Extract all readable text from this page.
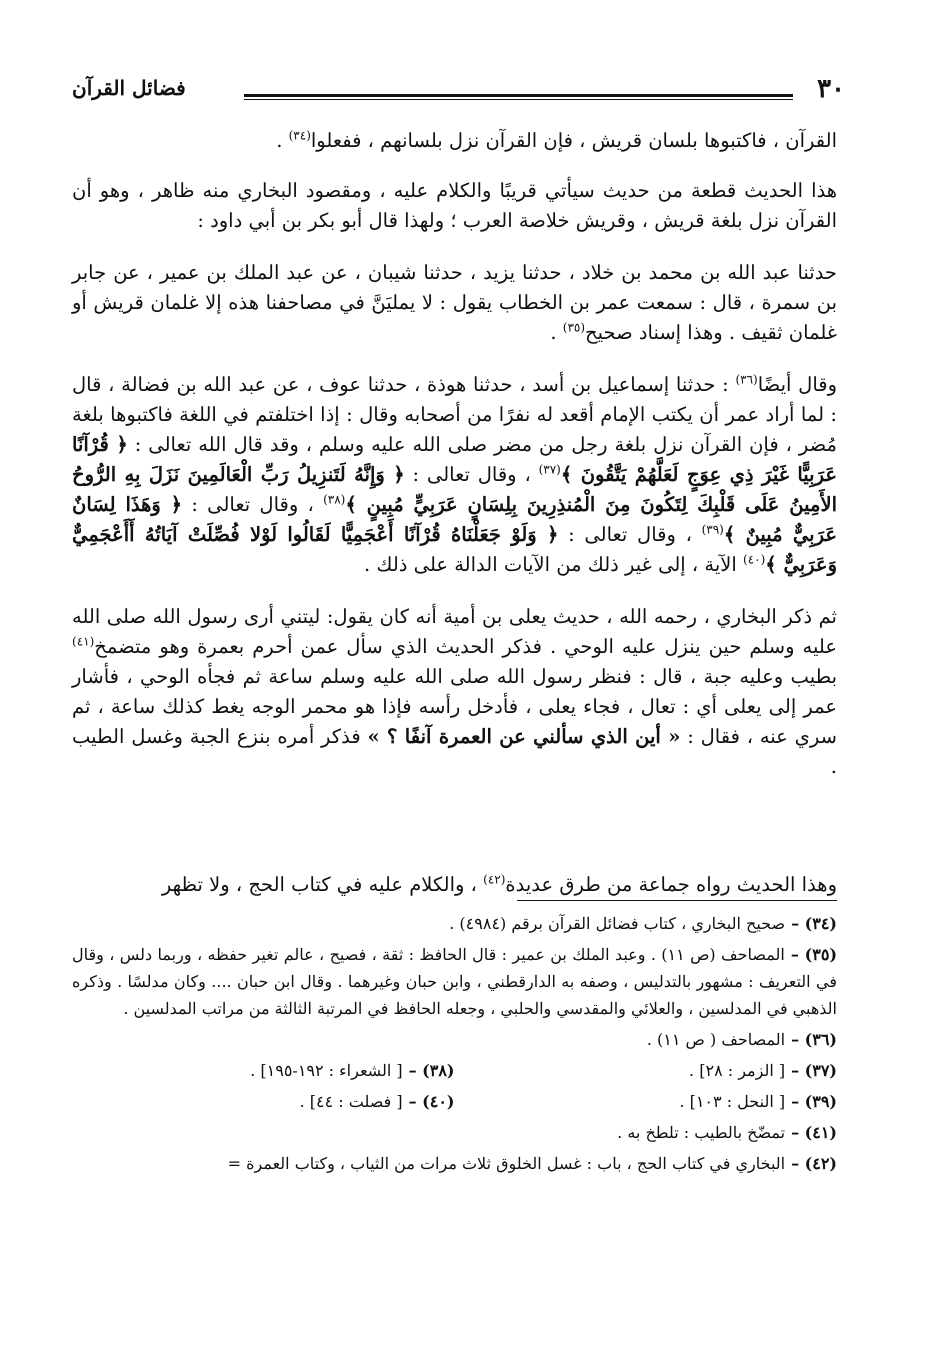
٣٠
فضائل القرآن

القرآن ، فاكتبوها بلسان قريش ، فإن القرآن نزل بلسانهم ، ففعلوا$^{(٣٤)}$ .

هذا الحديث قطعة من حديث سيأتي قريبًا والكلام عليه ، ومقصود البخاري منه ظاهر ، وهو أن القرآن نزل بلغة قريش ، وقريش خلاصة العرب ؛ ولهذا قال أبو بكر بن أبي داود :

حدثنا عبد الله بن محمد بن خلاد ، حدثنا يزيد ، حدثنا شيبان ، عن عبد الملك بن عمير ، عن جابر بن سمرة ، قال : سمعت عمر بن الخطاب يقول : لا يمليَنَّ في مصاحفنا هذه إلا غلمان قريش أو غلمان ثقيف . وهذا إسناد صحيح$^{(٣٥)}$ .

وقال أيضًا$^{(٣٦)}$ : حدثنا إسماعيل بن أسد ، حدثنا هوذة ، حدثنا عوف ، عن عبد الله بن فضالة ، قال : لما أراد عمر أن يكتب الإمام أقعد له نفرًا من أصحابه وقال : إذا اختلفتم في اللغة فاكتبوها بلغة مُضر ، فإن القرآن نزل بلغة رجل من مضر صلى الله عليه وسلم ، وقد قال الله تعالى : ﴿ قُرْآنًا عَرَبِيًّا غَيْرَ ذِي عِوَجٍ لَعَلَّهُمْ يَتَّقُونَ ﴾$^{(٣٧)}$ ، وقال تعالى : ﴿ وَإِنَّهُ لَتَنزِيلُ رَبِّ الْعَالَمِينَ نَزَلَ بِهِ الرُّوحُ الأَمِينُ عَلَى قَلْبِكَ لِتَكُونَ مِنَ الْمُنذِرِينَ بِلِسَانٍ عَرَبِيٍّ مُبِينٍ ﴾$^{(٣٨)}$ ، وقال تعالى : ﴿ وَهَذَا لِسَانٌ عَرَبِيٌّ مُبِينٌ ﴾$^{(٣٩)}$ ، وقال تعالى : ﴿ وَلَوْ جَعَلْنَاهُ قُرْآنًا أَعْجَمِيًّا لَقَالُوا لَوْلا فُصِّلَتْ آيَاتُهُ أَأَعْجَمِيٌّ وَعَرَبِيٌّ ﴾$^{(٤٠)}$ الآية ، إلى غير ذلك من الآيات الدالة على ذلك .

ثم ذكر البخاري ، رحمه الله ، حديث يعلى بن أمية أنه كان يقول: ليتني أرى رسول الله صلى الله عليه وسلم حين ينزل عليه الوحي . فذكر الحديث الذي سأل عمن أحرم بعمرة وهو متضمخ$^{(٤١)}$ بطيب وعليه جبة ، قال : فنظر رسول الله صلى الله عليه وسلم ساعة ثم فجأه الوحي ، فأشار عمر إلى يعلى أي : تعال ، فجاء يعلى ، فأدخل رأسه فإذا هو محمر الوجه يغط كذلك ساعة ، ثم سري عنه ، فقال : « أين الذي سألني عن العمرة آنفًا ؟ » فذكر أمره بنزع الجبة وغسل الطيب .

وهذا الحديث رواه جماعة من طرق عديدة$^{(٤٢)}$ ، والكلام عليه في كتاب الحج ، ولا تظهر
(٣٤) –صحيح البخاري ، كتاب فضائل القرآن برقم (٤٩٨٤) .
(٣٥) –المصاحف (ص ١١) . وعبد الملك بن عمير : قال الحافظ : ثقة ، فصيح ، عالم تغير حفظه ، وربما دلس ، وقال في التعريف : مشهور بالتدليس ، وصفه به الدارقطني ، وابن حبان وغيرهما . وقال ابن حبان .... وكان مدلسًا . وذكره الذهبي في المدلسين ، والعلائي والمقدسي والحلبي ، وجعله الحافظ في المرتبة الثالثة من مراتب المدلسين .
(٣٦) –المصاحف ( ص ١١) .
(٣٧) –[ الزمر : ٢٨] .
(٣٨) –[ الشعراء : ١٩٢-١٩٥] .
(٣٩) –[ النحل : ١٠٣] .
(٤٠) –[ فصلت : ٤٤] .
(٤١) –تمضّخ بالطيب : تلطخ به .
(٤٢) –البخاري في كتاب الحج ، باب : غسل الخلوق ثلاث مرات من الثياب ، وكتاب العمرة =
